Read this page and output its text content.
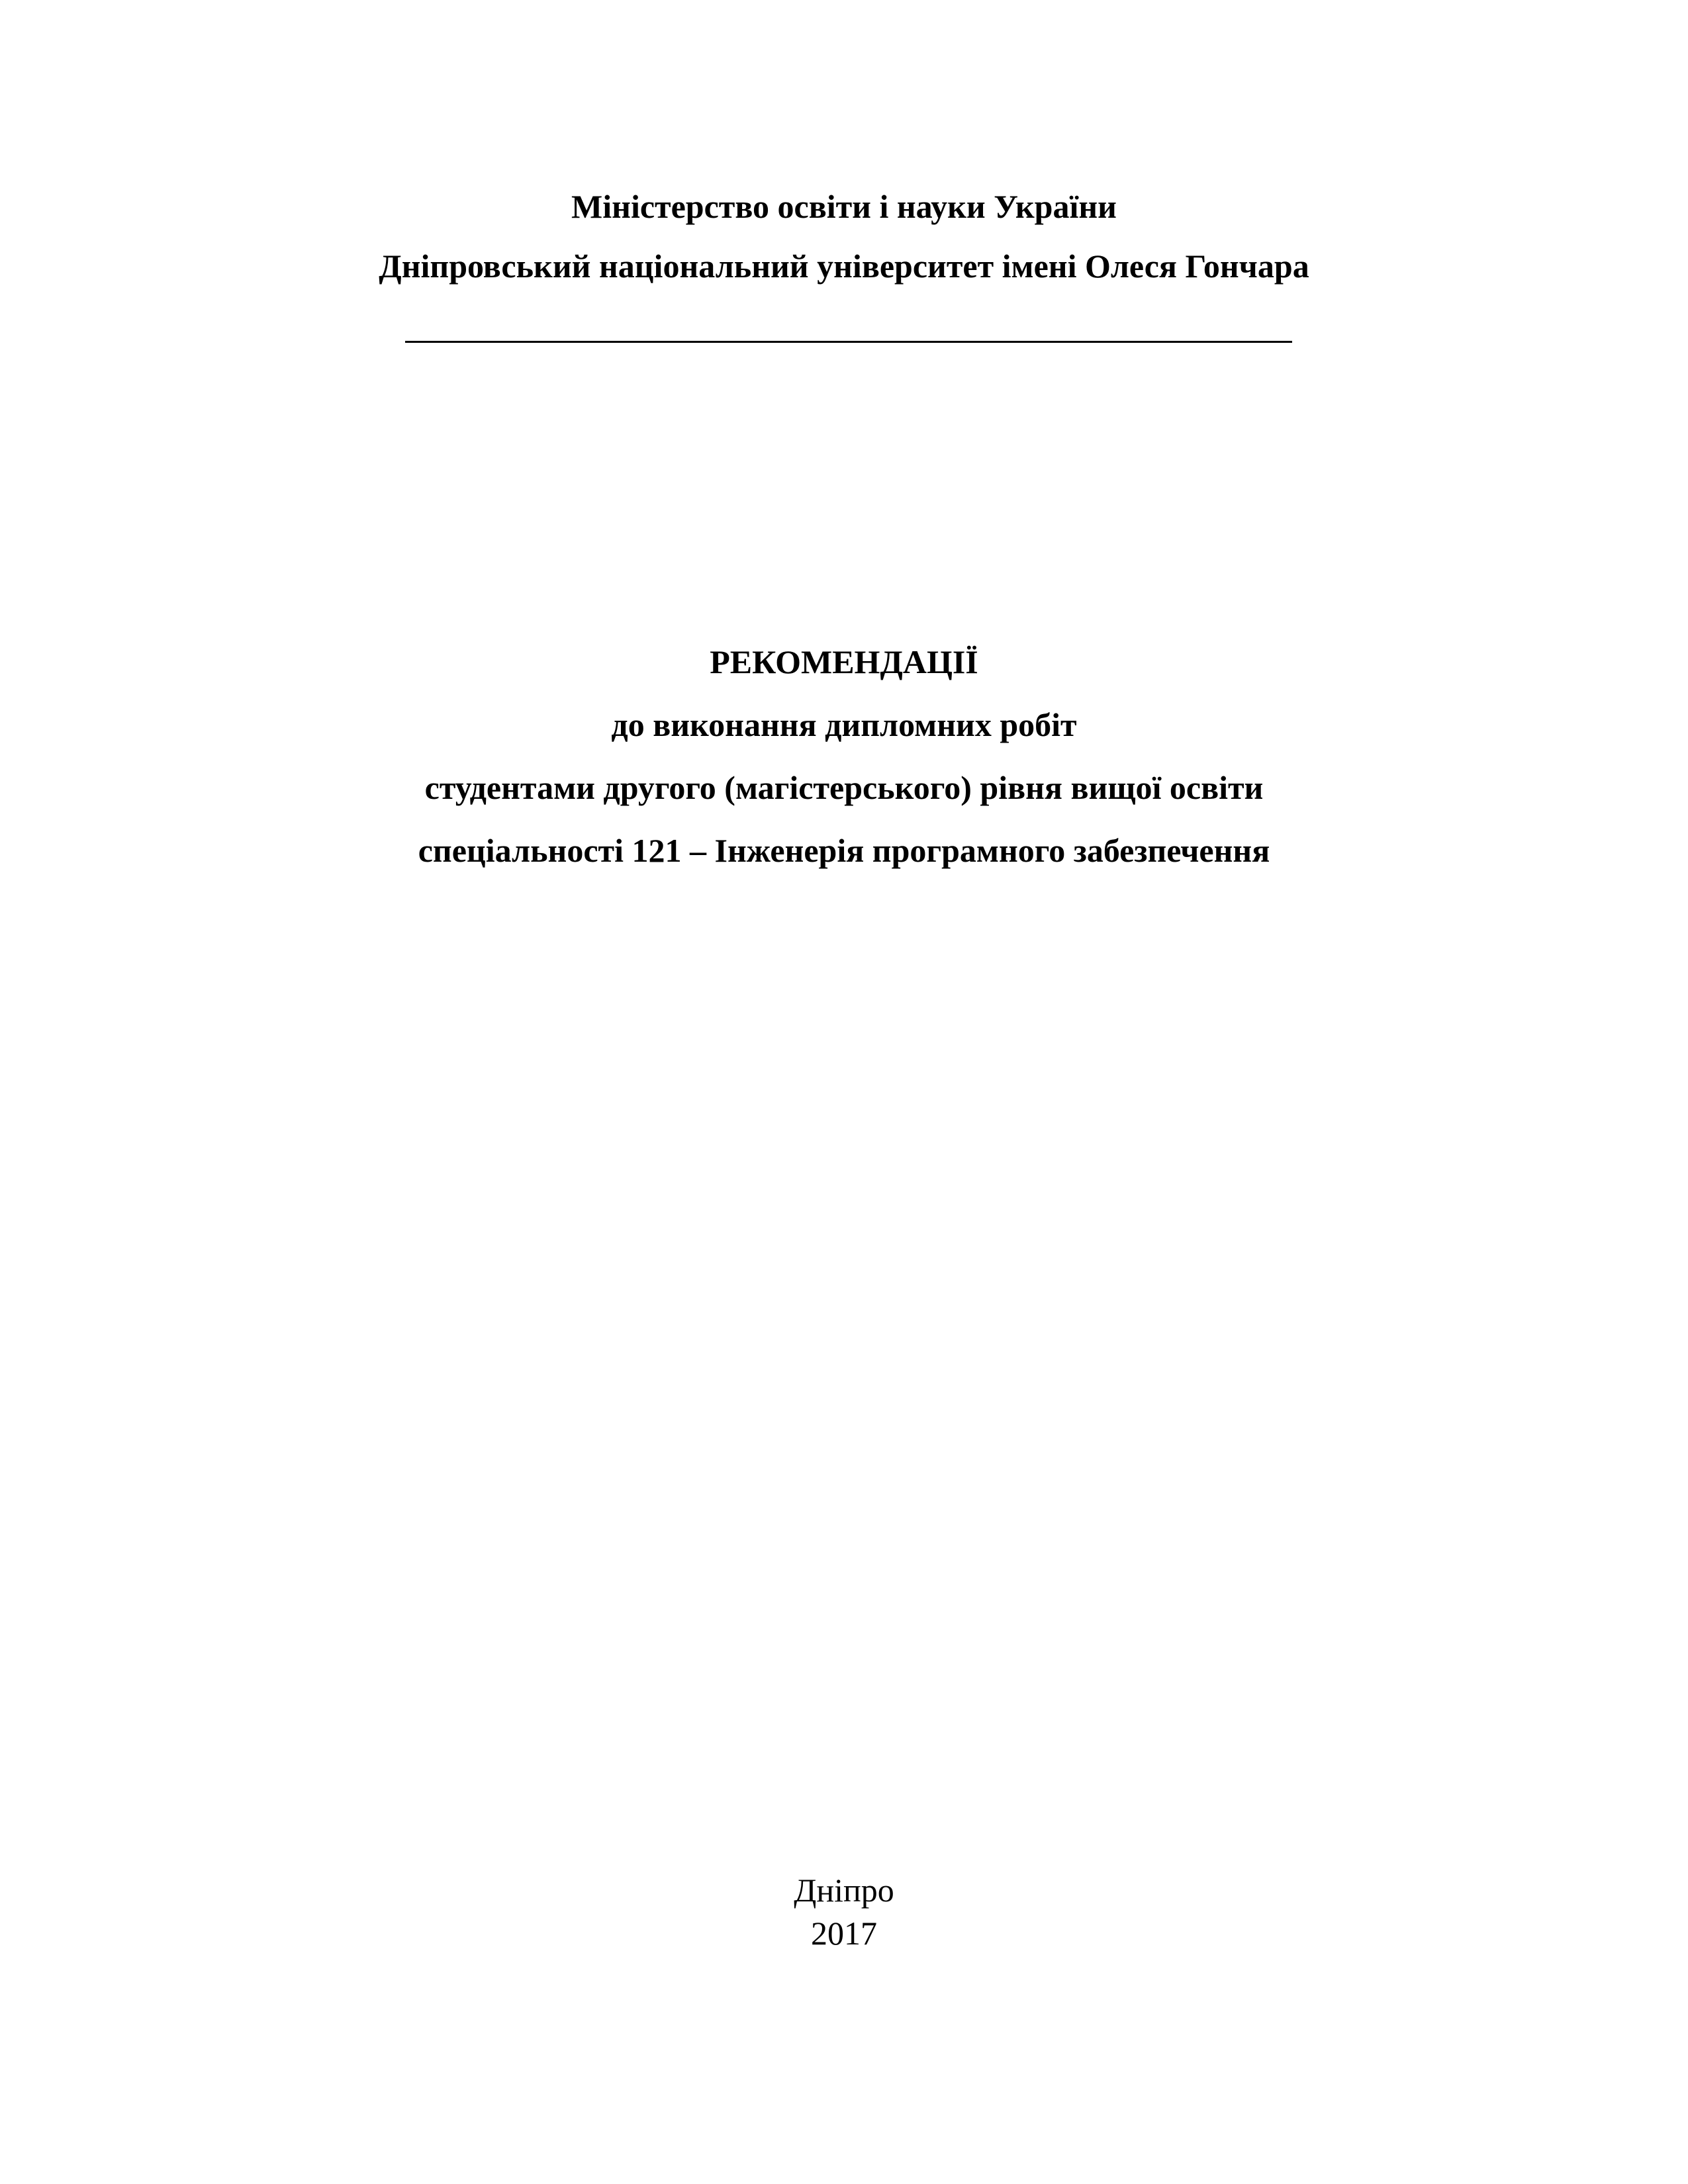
Міністерство освіти і науки України
Дніпровський національний університет імені Олеся Гончара
РЕКОМЕНДАЦІЇ
до виконання дипломних робіт
студентами другого (магістерського) рівня вищої освіти
спеціальності 121 – Інженерія програмного забезпечення
Дніпро
2017
